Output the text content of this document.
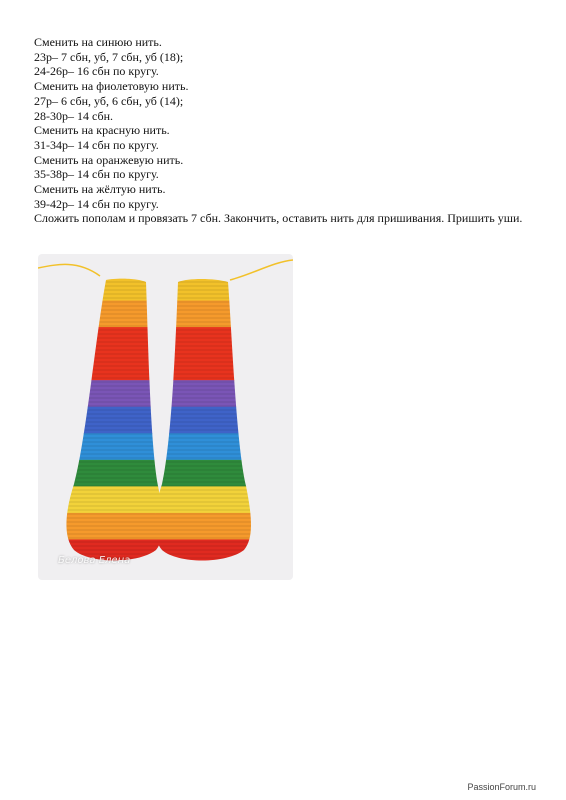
Сменить на синюю нить.

23р– 7 сбн, уб, 7 сбн, уб (18);

24-26р– 16 сбн по кругу.

Сменить на фиолетовую нить.

27р– 6 сбн, уб, 6 сбн, уб (14);

28-30р– 14 сбн.

Сменить на красную нить.

31-34р– 14 сбн по кругу.

Сменить на оранжевую нить.

35-38р– 14 сбн по кругу.

Сменить на жёлтую нить.

39-42р– 14 сбн по кругу.

Сложить пополам и провязать 7 сбн. Закончить, оставить нить для пришивания. Пришить уши.

Белова Елена
PassionForum.ru
